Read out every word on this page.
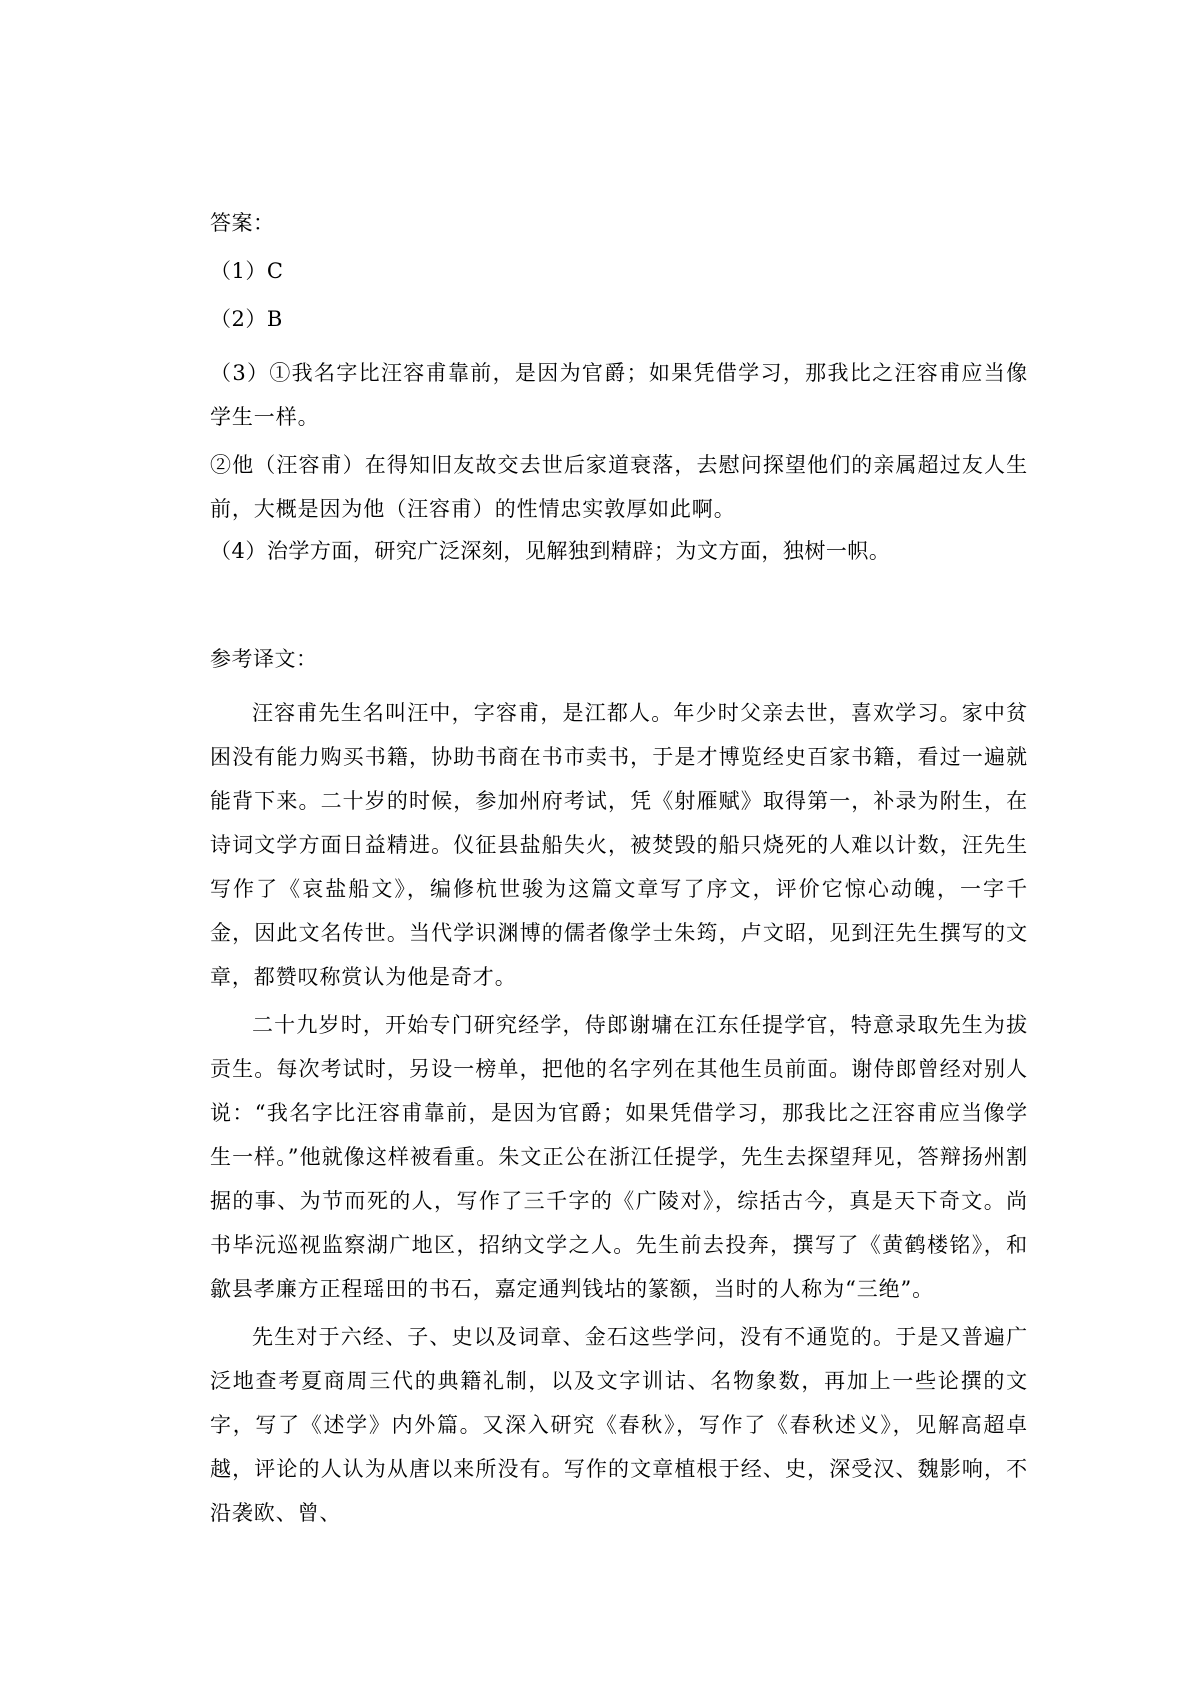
答案：
（1）C
（2）B
（3）①我名字比汪容甫靠前，是因为官爵；如果凭借学习，那我比之汪容甫应当像学生一样。
②他（汪容甫）在得知旧友故交去世后家道衰落，去慰问探望他们的亲属超过友人生前，大概是因为他（汪容甫）的性情忠实敦厚如此啊。
（4）治学方面，研究广泛深刻，见解独到精辟；为文方面，独树一帜。
参考译文：

汪容甫先生名叫汪中，字容甫，是江都人。年少时父亲去世，喜欢学习。家中贫困没有能力购买书籍，协助书商在书市卖书，于是才博览经史百家书籍，看过一遍就能背下来。二十岁的时候，参加州府考试，凭《射雁赋》取得第一，补录为附生，在诗词文学方面日益精进。仪征县盐船失火，被焚毁的船只烧死的人难以计数，汪先生写作了《哀盐船文》，编修杭世骏为这篇文章写了序文，评价它惊心动魄，一字千金，因此文名传世。当代学识渊博的儒者像学士朱筠，卢文昭，见到汪先生撰写的文章，都赞叹称赏认为他是奇才。

二十九岁时，开始专门研究经学，侍郎谢墉在江东任提学官，特意录取先生为拔贡生。每次考试时，另设一榜单，把他的名字列在其他生员前面。谢侍郎曾经对别人说：“我名字比汪容甫靠前，是因为官爵；如果凭借学习，那我比之汪容甫应当像学生一样。”他就像这样被看重。朱文正公在浙江任提学，先生去探望拜见，答辩扬州割据的事、为节而死的人，写作了三千字的《广陵对》，综括古今，真是天下奇文。尚书毕沅巡视监察湖广地区，招纳文学之人。先生前去投奔，撰写了《黄鹤楼铭》，和歙县孝廉方正程瑶田的书石，嘉定通判钱坫的篆额，当时的人称为“三绝”。

先生对于六经、子、史以及词章、金石这些学问，没有不通览的。于是又普遍广泛地查考夏商周三代的典籍礼制，以及文字训诂、名物象数，再加上一些论撰的文字，写了《述学》内外篇。又深入研究《春秋》，写作了《春秋述义》，见解高超卓越，评论的人认为从唐以来所没有。写作的文章植根于经、史，深受汉、魏影响，不沿袭欧、曾、
